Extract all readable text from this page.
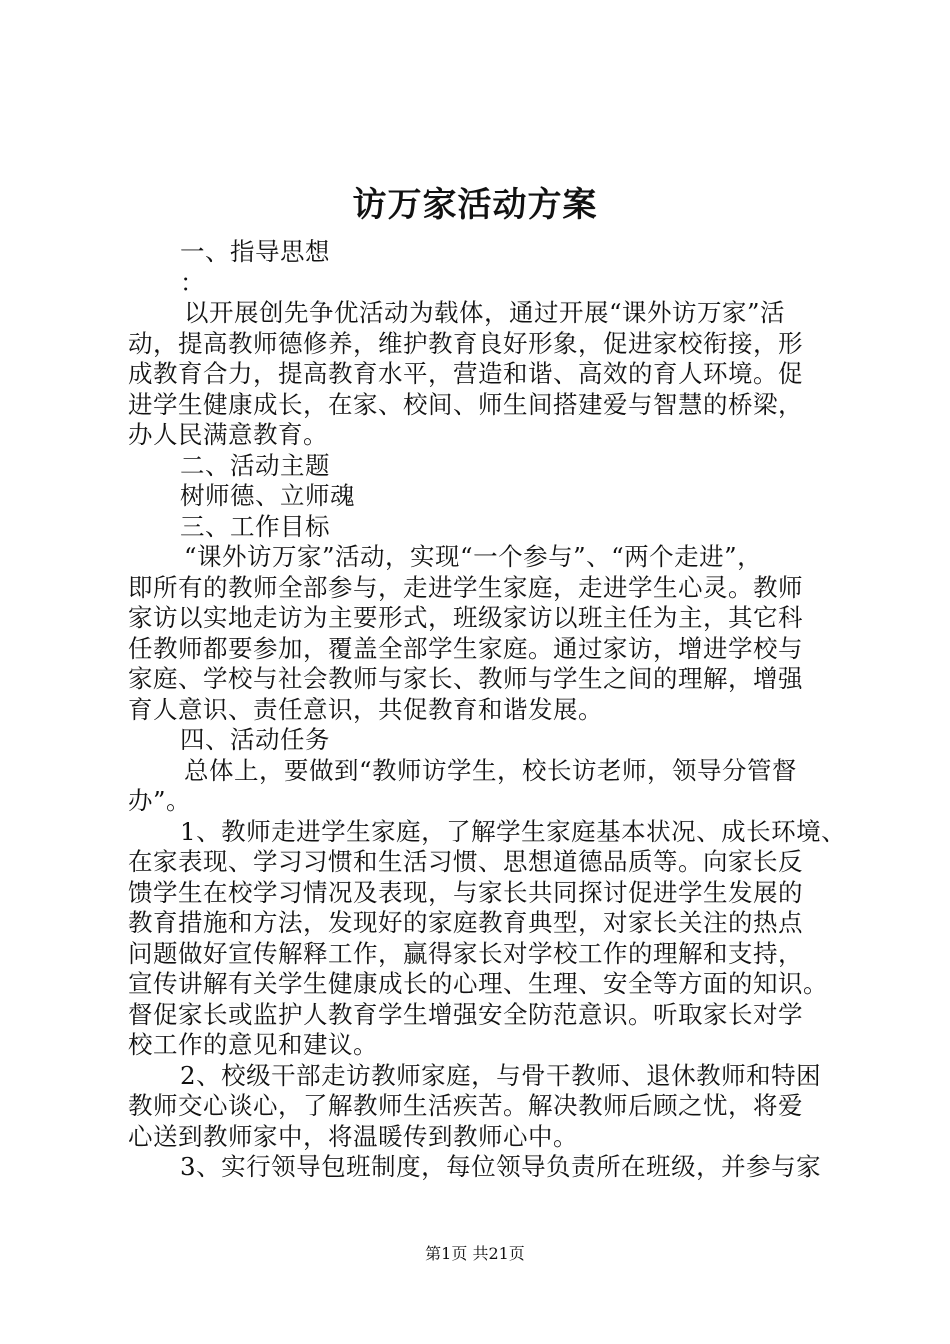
访万家活动方案
一、指导思想
：
以开展创先争优活动为载体，通过开展“课外访万家”活
动，提高教师德修养，维护教育良好形象，促进家校衔接，形
成教育合力，提高教育水平，营造和谐、高效的育人环境。促
进学生健康成长，在家、校间、师生间搭建爱与智慧的桥梁，
办人民满意教育。
二、活动主题
树师德、立师魂
三、工作目标
“课外访万家”活动，实现“一个参与”、“两个走进”，
即所有的教师全部参与，走进学生家庭，走进学生心灵。教师
家访以实地走访为主要形式，班级家访以班主任为主，其它科
任教师都要参加，覆盖全部学生家庭。通过家访，增进学校与
家庭、学校与社会教师与家长、教师与学生之间的理解，增强
育人意识、责任意识，共促教育和谐发展。
四、活动任务
总体上，要做到“教师访学生，校长访老师，领导分管督
办”。
1、教师走进学生家庭，了解学生家庭基本状况、成长环境、
在家表现、学习习惯和生活习惯、思想道德品质等。向家长反
馈学生在校学习情况及表现，与家长共同探讨促进学生发展的
教育措施和方法，发现好的家庭教育典型，对家长关注的热点
问题做好宣传解释工作，赢得家长对学校工作的理解和支持，
宣传讲解有关学生健康成长的心理、生理、安全等方面的知识。
督促家长或监护人教育学生增强安全防范意识。听取家长对学
校工作的意见和建议。
2、校级干部走访教师家庭，与骨干教师、退休教师和特困
教师交心谈心，了解教师生活疾苦。解决教师后顾之忧，将爱
心送到教师家中，将温暖传到教师心中。
3、实行领导包班制度，每位领导负责所在班级，并参与家
第1页 共21页
